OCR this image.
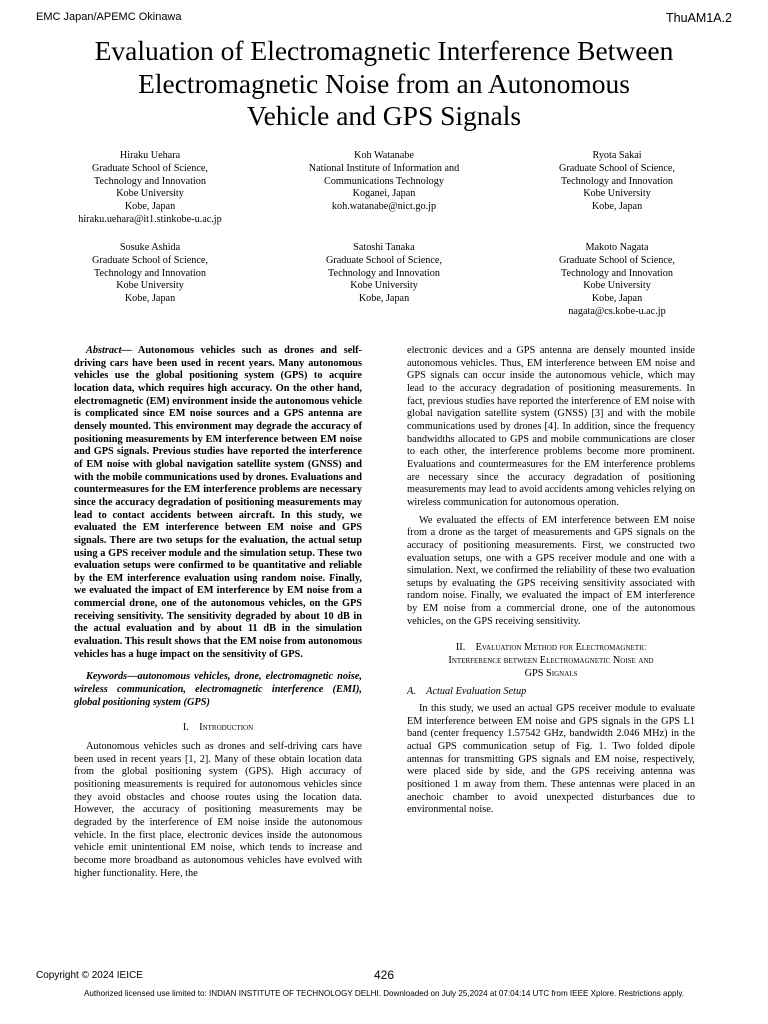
EMC Japan/APEMC Okinawa	ThuAM1A.2
Evaluation of Electromagnetic Interference Between
Electromagnetic Noise from an Autonomous
Vehicle and GPS Signals
Hiraku Uehara
Graduate School of Science,
Technology and Innovation
Kobe University
Kobe, Japan
hiraku.uehara@it1.stinkobe-u.ac.jp
Koh Watanabe
National Institute of Information and
Communications Technology
Koganei, Japan
koh.watanabe@nict.go.jp
Ryota Sakai
Graduate School of Science,
Technology and Innovation
Kobe University
Kobe, Japan
Sosuke Ashida
Graduate School of Science,
Technology and Innovation
Kobe University
Kobe, Japan
Satoshi Tanaka
Graduate School of Science,
Technology and Innovation
Kobe University
Kobe, Japan
Makoto Nagata
Graduate School of Science,
Technology and Innovation
Kobe University
Kobe, Japan
nagata@cs.kobe-u.ac.jp

Abstract— Autonomous vehicles such as drones and self-driving cars have been used in recent years. Many autonomous vehicles use the global positioning system (GPS) to acquire location data, which requires high accuracy. On the other hand, electromagnetic (EM) environment inside the autonomous vehicle is complicated since EM noise sources and a GPS antenna are densely mounted. This environment may degrade the accuracy of positioning measurements by EM interference between EM noise and GPS signals. Previous studies have reported the interference of EM noise with global navigation satellite system (GNSS) and with the mobile communications used by drones. Evaluations and countermeasures for the EM interference problems are necessary since the accuracy degradation of positioning measurements may lead to contact accidents between aircraft. In this study, we evaluated the EM interference between EM noise and GPS signals. There are two setups for the evaluation, the actual setup using a GPS receiver module and the simulation setup. These two evaluation setups were confirmed to be quantitative and reliable by the EM interference evaluation using random noise. Finally, we evaluated the impact of EM interference by EM noise from a commercial drone, one of the autonomous vehicles, on the GPS receiving sensitivity. The sensitivity degraded by about 10 dB in the actual evaluation and by about 11 dB in the simulation evaluation. This result shows that the EM noise from autonomous vehicles has a huge impact on the sensitivity of GPS.

Keywords—autonomous vehicles, drone, electromagnetic noise, wireless communication, electromagnetic interference (EMI), global positioning system (GPS)

I. Introduction

Autonomous vehicles such as drones and self-driving cars have been used in recent years [1, 2]. Many of these obtain location data from the global positioning system (GPS). High accuracy of positioning measurements is required for autonomous vehicles since they avoid obstacles and choose routes using the location data. However, the accuracy of positioning measurements may be degraded by the interference of EM noise inside the autonomous vehicle. In the first place, electronic devices inside the autonomous vehicle emit unintentional EM noise, which tends to increase and become more broadband as autonomous vehicles have evolved with higher functionality. Here, the

electronic devices and a GPS antenna are densely mounted inside autonomous vehicles. Thus, EM interference between EM noise and GPS signals can occur inside the autonomous vehicle, which may lead to the accuracy degradation of positioning measurements. In fact, previous studies have reported the interference of EM noise with global navigation satellite system (GNSS) [3] and with the mobile communications used by drones [4]. In addition, since the frequency bandwidths allocated to GPS and mobile communications are closer to each other, the interference problems become more prominent. Evaluations and countermeasures for the EM interference problems are necessary since the accuracy degradation of positioning measurements may lead to avoid accidents among vehicles relying on wireless communication for autonomous operation.

We evaluated the effects of EM interference between EM noise from a drone as the target of measurements and GPS signals on the accuracy of positioning measurements. First, we constructed two evaluation setups, one with a GPS receiver module and one with a simulation. Next, we confirmed the reliability of these two evaluation setups by evaluating the GPS receiving sensitivity associated with random noise. Finally, we evaluated the impact of EM interference by EM noise from a commercial drone, one of the autonomous vehicles, on the GPS receiving sensitivity.

II. Evaluation Method for Electromagnetic
Interference between Electromagnetic Noise and
GPS Signals

A. Actual Evaluation Setup

In this study, we used an actual GPS receiver module to evaluate EM interference between EM noise and GPS signals in the GPS L1 band (center frequency 1.57542 GHz, bandwidth 2.046 MHz) in the actual GPS communication setup of Fig. 1. Two folded dipole antennas for transmitting GPS signals and EM noise, respectively, were placed side by side, and the GPS receiving antenna was positioned 1 m away from them. These antennas were placed in an anechoic chamber to avoid unexpected disturbances due to environmental noise.

Copyright © 2024 IEICE	426
Authorized licensed use limited to: INDIAN INSTITUTE OF TECHNOLOGY DELHI. Downloaded on July 25,2024 at 07:04:14 UTC from IEEE Xplore. Restrictions apply.
